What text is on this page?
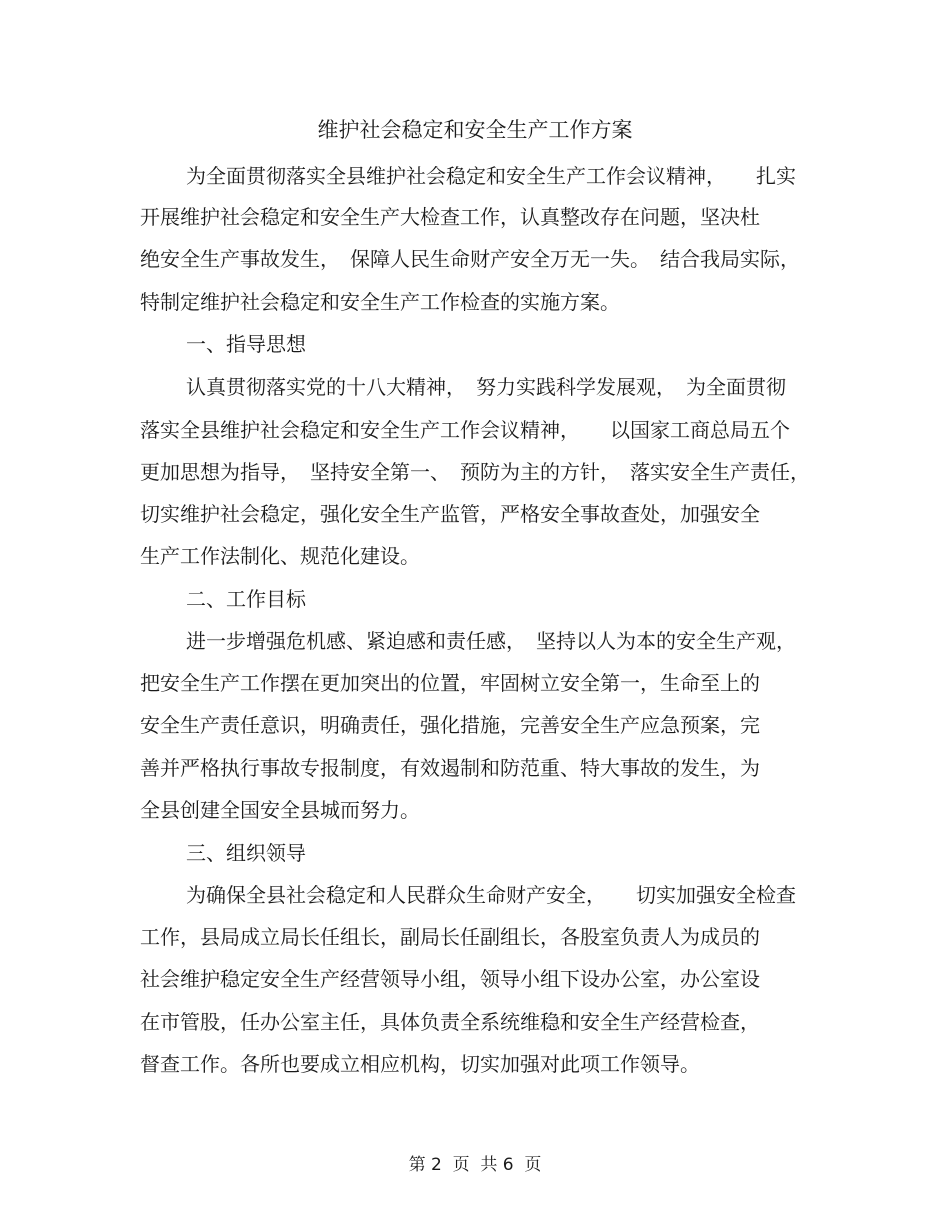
维护社会稳定和安全生产工作方案
为全面贯彻落实全县维护社会稳定和安全生产工作会议精神，　　扎实
开展维护社会稳定和安全生产大检查工作，认真整改存在问题，坚决杜
绝安全生产事故发生，　保障人民生命财产安全万无一失。　结合我局实际，
特制定维护社会稳定和安全生产工作检查的实施方案。
一、指导思想
认真贯彻落实党的十八大精神，　努力实践科学发展观，　为全面贯彻
落实全县维护社会稳定和安全生产工作会议精神，　　以国家工商总局五个
更加思想为指导，　坚持安全第一、　预防为主的方针，　落实安全生产责任，
切实维护社会稳定，强化安全生产监管，严格安全事故查处，加强安全
生产工作法制化、规范化建设。
二、工作目标
进一步增强危机感、紧迫感和责任感，　坚持以人为本的安全生产观，
把安全生产工作摆在更加突出的位置，牢固树立安全第一，生命至上的
安全生产责任意识，明确责任，强化措施，完善安全生产应急预案，完
善并严格执行事故专报制度，有效遏制和防范重、特大事故的发生，为
全县创建全国安全县城而努力。
三、组织领导
为确保全县社会稳定和人民群众生命财产安全，　　切实加强安全检查
工作，县局成立局长任组长，副局长任副组长，各股室负责人为成员的
社会维护稳定安全生产经营领导小组，领导小组下设办公室，办公室设
在市管股，任办公室主任，具体负责全系统维稳和安全生产经营检查，
督查工作。各所也要成立相应机构，切实加强对此项工作领导。
第 2  页  共 6  页
